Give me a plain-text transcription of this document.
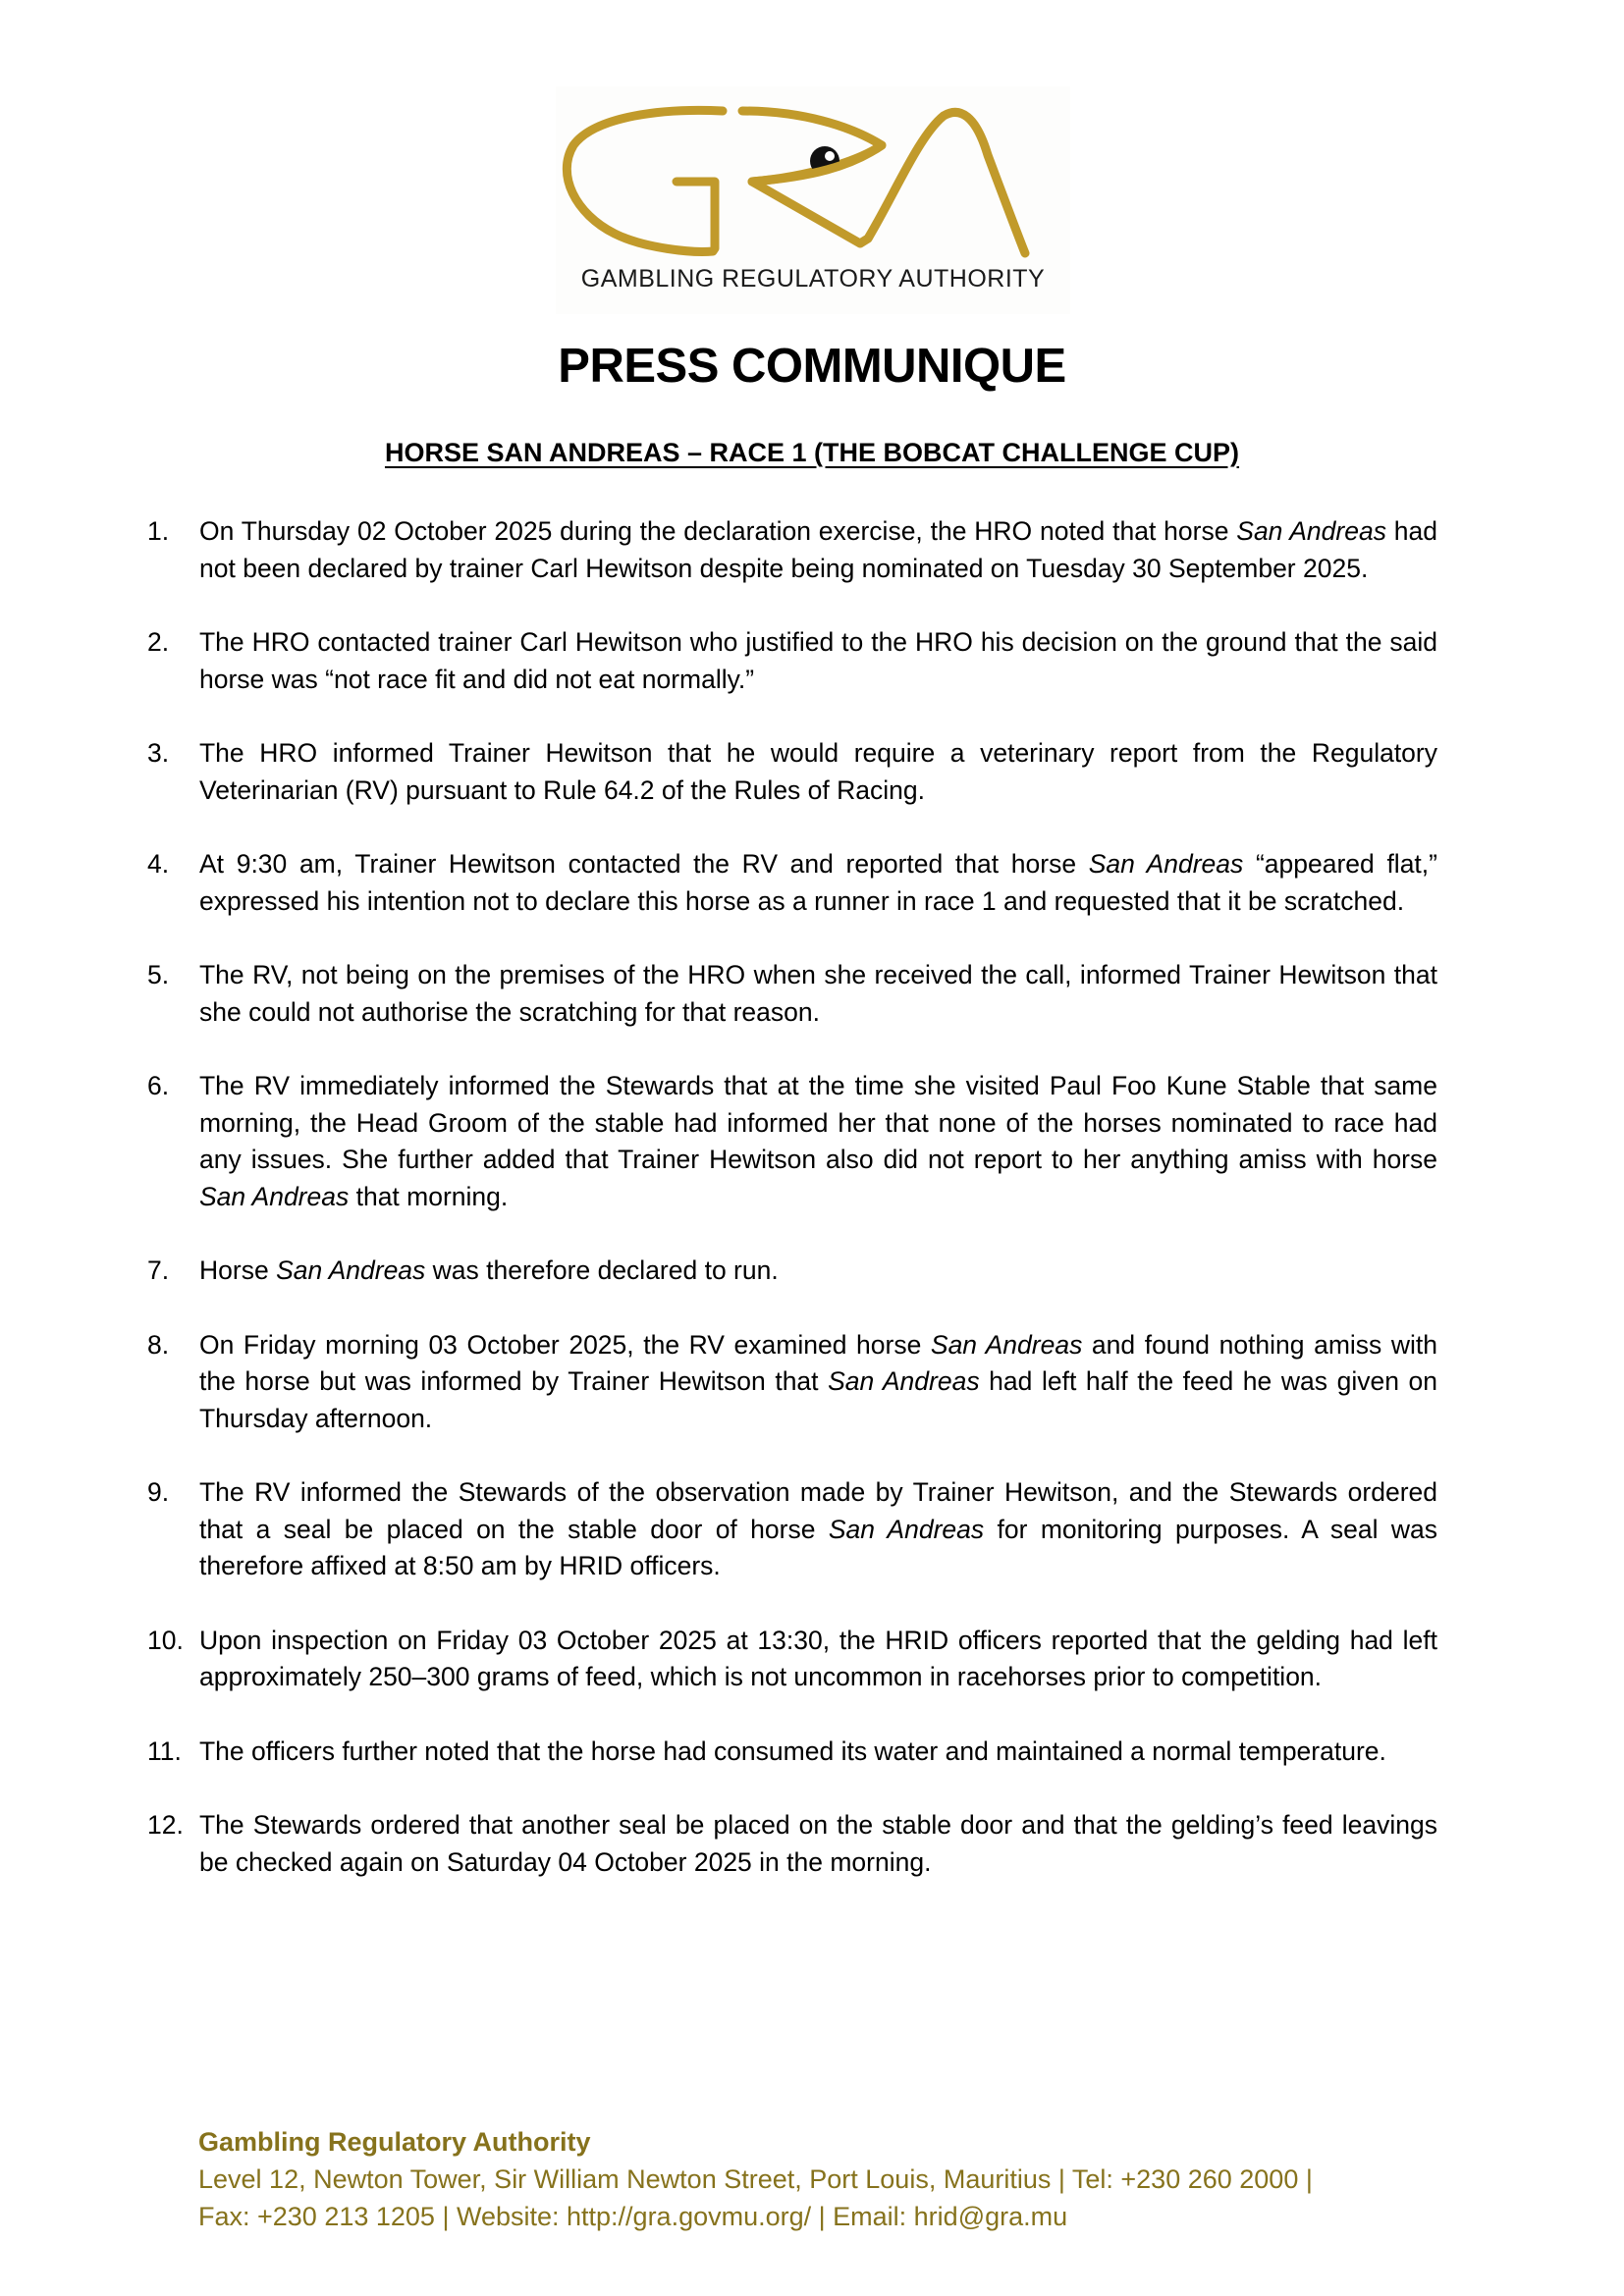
GAMBLING REGULATORY AUTHORITY
PRESS COMMUNIQUE
HORSE SAN ANDREAS – RACE 1 (THE BOBCAT CHALLENGE CUP)
1. On Thursday 02 October 2025 during the declaration exercise, the HRO noted that horse San Andreas had not been declared by trainer Carl Hewitson despite being nominated on Tuesday 30 September 2025.
2. The HRO contacted trainer Carl Hewitson who justified to the HRO his decision on the ground that the said horse was “not race fit and did not eat normally.”
3. The HRO informed Trainer Hewitson that he would require a veterinary report from the Regulatory Veterinarian (RV) pursuant to Rule 64.2 of the Rules of Racing.
4. At 9:30 am, Trainer Hewitson contacted the RV and reported that horse San Andreas “appeared flat,” expressed his intention not to declare this horse as a runner in race 1 and requested that it be scratched.
5. The RV, not being on the premises of the HRO when she received the call, informed Trainer Hewitson that she could not authorise the scratching for that reason.
6. The RV immediately informed the Stewards that at the time she visited Paul Foo Kune Stable that same morning, the Head Groom of the stable had informed her that none of the horses nominated to race had any issues. She further added that Trainer Hewitson also did not report to her anything amiss with horse San Andreas that morning.
7. Horse San Andreas was therefore declared to run.
8. On Friday morning 03 October 2025, the RV examined horse San Andreas and found nothing amiss with the horse but was informed by Trainer Hewitson that San Andreas had left half the feed he was given on Thursday afternoon.
9. The RV informed the Stewards of the observation made by Trainer Hewitson, and the Stewards ordered that a seal be placed on the stable door of horse San Andreas for monitoring purposes. A seal was therefore affixed at 8:50 am by HRID officers.
10. Upon inspection on Friday 03 October 2025 at 13:30, the HRID officers reported that the gelding had left approximately 250–300 grams of feed, which is not uncommon in racehorses prior to competition.
11. The officers further noted that the horse had consumed its water and maintained a normal temperature.
12. The Stewards ordered that another seal be placed on the stable door and that the gelding’s feed leavings be checked again on Saturday 04 October 2025 in the morning.
Gambling Regulatory Authority
Level 12, Newton Tower, Sir William Newton Street, Port Louis, Mauritius | Tel: +230 260 2000 |
Fax: +230 213 1205 | Website: http://gra.govmu.org/ | Email: hrid@gra.mu
